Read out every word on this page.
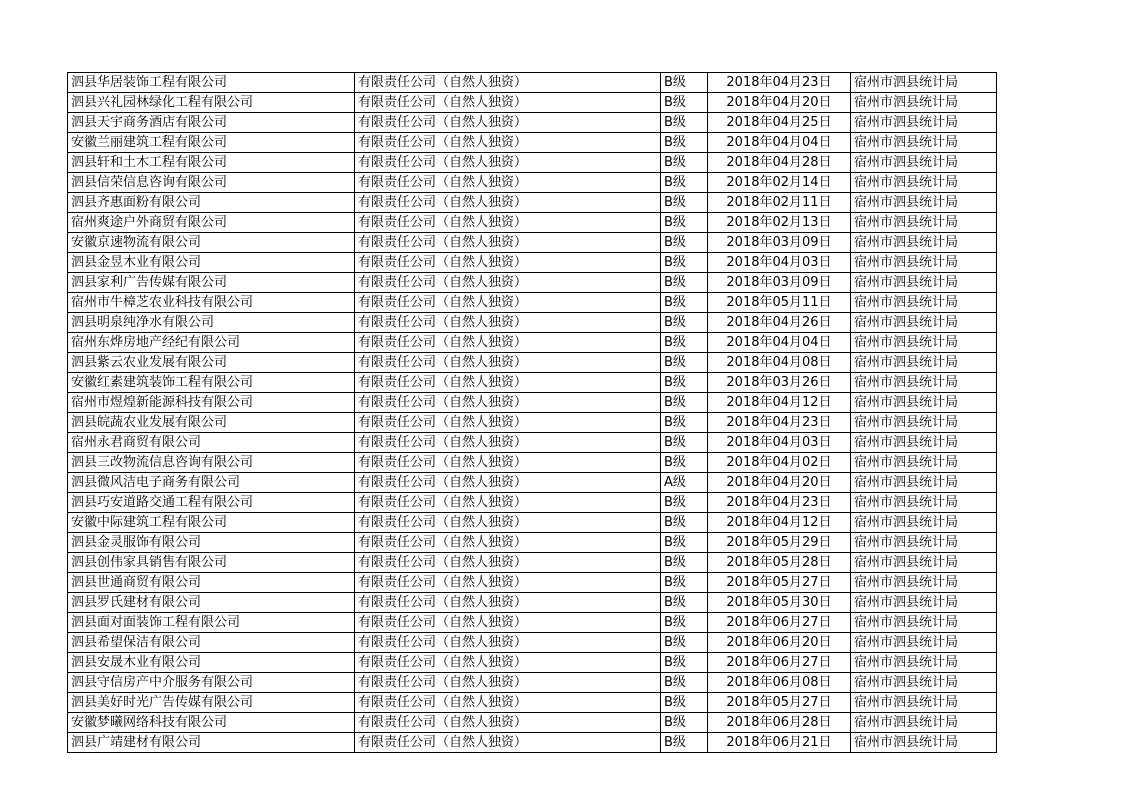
泗县华居装饰工程有限公司	有限责任公司（自然人独资）	B级	2018年04月23日	宿州市泗县统计局
泗县兴礼园林绿化工程有限公司	有限责任公司（自然人独资）	B级	2018年04月20日	宿州市泗县统计局
泗县天宇商务酒店有限公司	有限责任公司（自然人独资）	B级	2018年04月25日	宿州市泗县统计局
安徽兰丽建筑工程有限公司	有限责任公司（自然人独资）	B级	2018年04月04日	宿州市泗县统计局
泗县轩和土木工程有限公司	有限责任公司（自然人独资）	B级	2018年04月28日	宿州市泗县统计局
泗县信荣信息咨询有限公司	有限责任公司（自然人独资）	B级	2018年02月14日	宿州市泗县统计局
泗县齐惠面粉有限公司	有限责任公司（自然人独资）	B级	2018年02月11日	宿州市泗县统计局
宿州爽途户外商贸有限公司	有限责任公司（自然人独资）	B级	2018年02月13日	宿州市泗县统计局
安徽京速物流有限公司	有限责任公司（自然人独资）	B级	2018年03月09日	宿州市泗县统计局
泗县金昱木业有限公司	有限责任公司（自然人独资）	B级	2018年04月03日	宿州市泗县统计局
泗县家利广告传媒有限公司	有限责任公司（自然人独资）	B级	2018年03月09日	宿州市泗县统计局
宿州市牛樟芝农业科技有限公司	有限责任公司（自然人独资）	B级	2018年05月11日	宿州市泗县统计局
泗县明泉纯净水有限公司	有限责任公司（自然人独资）	B级	2018年04月26日	宿州市泗县统计局
宿州东烨房地产经纪有限公司	有限责任公司（自然人独资）	B级	2018年04月04日	宿州市泗县统计局
泗县紫云农业发展有限公司	有限责任公司（自然人独资）	B级	2018年04月08日	宿州市泗县统计局
安徽红素建筑装饰工程有限公司	有限责任公司（自然人独资）	B级	2018年03月26日	宿州市泗县统计局
宿州市煜煌新能源科技有限公司	有限责任公司（自然人独资）	B级	2018年04月12日	宿州市泗县统计局
泗县皖蔬农业发展有限公司	有限责任公司（自然人独资）	B级	2018年04月23日	宿州市泗县统计局
宿州永君商贸有限公司	有限责任公司（自然人独资）	B级	2018年04月03日	宿州市泗县统计局
泗县三改物流信息咨询有限公司	有限责任公司（自然人独资）	B级	2018年04月02日	宿州市泗县统计局
泗县微风洁电子商务有限公司	有限责任公司（自然人独资）	A级	2018年04月20日	宿州市泗县统计局
泗县巧安道路交通工程有限公司	有限责任公司（自然人独资）	B级	2018年04月23日	宿州市泗县统计局
安徽中际建筑工程有限公司	有限责任公司（自然人独资）	B级	2018年04月12日	宿州市泗县统计局
泗县金灵服饰有限公司	有限责任公司（自然人独资）	B级	2018年05月29日	宿州市泗县统计局
泗县创伟家具销售有限公司	有限责任公司（自然人独资）	B级	2018年05月28日	宿州市泗县统计局
泗县世通商贸有限公司	有限责任公司（自然人独资）	B级	2018年05月27日	宿州市泗县统计局
泗县罗氏建材有限公司	有限责任公司（自然人独资）	B级	2018年05月30日	宿州市泗县统计局
泗县面对面装饰工程有限公司	有限责任公司（自然人独资）	B级	2018年06月27日	宿州市泗县统计局
泗县希望保洁有限公司	有限责任公司（自然人独资）	B级	2018年06月20日	宿州市泗县统计局
泗县安晟木业有限公司	有限责任公司（自然人独资）	B级	2018年06月27日	宿州市泗县统计局
泗县守信房产中介服务有限公司	有限责任公司（自然人独资）	B级	2018年06月08日	宿州市泗县统计局
泗县美好时光广告传媒有限公司	有限责任公司（自然人独资）	B级	2018年05月27日	宿州市泗县统计局
安徽梦曦网络科技有限公司	有限责任公司（自然人独资）	B级	2018年06月28日	宿州市泗县统计局
泗县广靖建材有限公司	有限责任公司（自然人独资）	B级	2018年06月21日	宿州市泗县统计局
